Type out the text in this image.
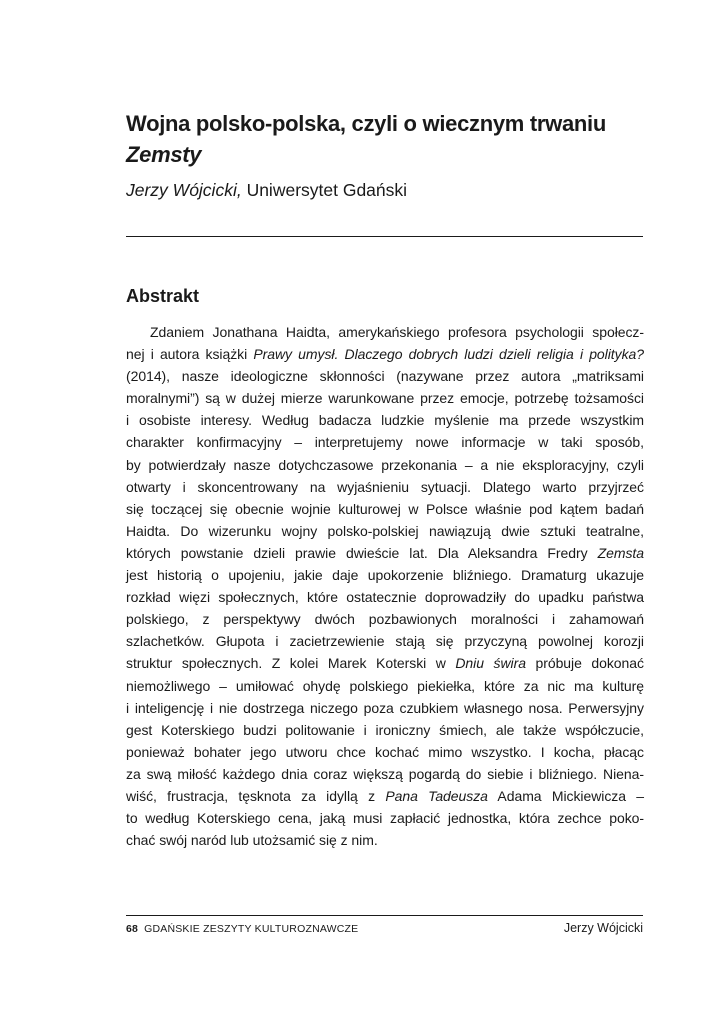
Wojna polsko-polska, czyli o wiecznym trwaniu
Zemsty

Jerzy Wójcicki, Uniwersytet Gdański

Abstrakt
Zdaniem Jonathana Haidta, amerykańskiego profesora psychologii społecz-
nej i autora książki Prawy umysł. Dlaczego dobrych ludzi dzieli religia i polityka?
(2014), nasze ideologiczne skłonności (nazywane przez autora „matriksami
moralnymi”) są w dużej mierze warunkowane przez emocje, potrzebę tożsamości
i osobiste interesy. Według badacza ludzkie myślenie ma przede wszystkim
charakter konfirmacyjny – interpretujemy nowe informacje w taki sposób,
by potwierdzały nasze dotychczasowe przekonania – a nie eksploracyjny, czyli
otwarty i skoncentrowany na wyjaśnieniu sytuacji. Dlatego warto przyjrzeć
się toczącej się obecnie wojnie kulturowej w Polsce właśnie pod kątem badań
Haidta. Do wizerunku wojny polsko-polskiej nawiązują dwie sztuki teatralne,
których powstanie dzieli prawie dwieście lat. Dla Aleksandra Fredry Zemsta
jest historią o upojeniu, jakie daje upokorzenie bliźniego. Dramaturg ukazuje
rozkład więzi społecznych, które ostatecznie doprowadziły do upadku państwa
polskiego, z perspektywy dwóch pozbawionych moralności i zahamowań
szlachetków. Głupota i zacietrzewienie stają się przyczyną powolnej korozji
struktur społecznych. Z kolei Marek Koterski w Dniu świra próbuje dokonać
niemożliwego – umiłować ohydę polskiego piekiełka, które za nic ma kulturę
i inteligencję i nie dostrzega niczego poza czubkiem własnego nosa. Perwersyjny
gest Koterskiego budzi politowanie i ironiczny śmiech, ale także współczucie,
ponieważ bohater jego utworu chce kochać mimo wszystko. I kocha, płacąc
za swą miłość każdego dnia coraz większą pogardą do siebie i bliźniego. Niena-
wiść, frustracja, tęsknota za idyllą z Pana Tadeusza Adama Mickiewicza –
to według Koterskiego cena, jaką musi zapłacić jednostka, która zechce poko-
chać swój naród lub utożsamić się z nim.
68 GDAŃSKIE ZESZYTY KULTUROZNAWCZE	Jerzy Wójcicki
